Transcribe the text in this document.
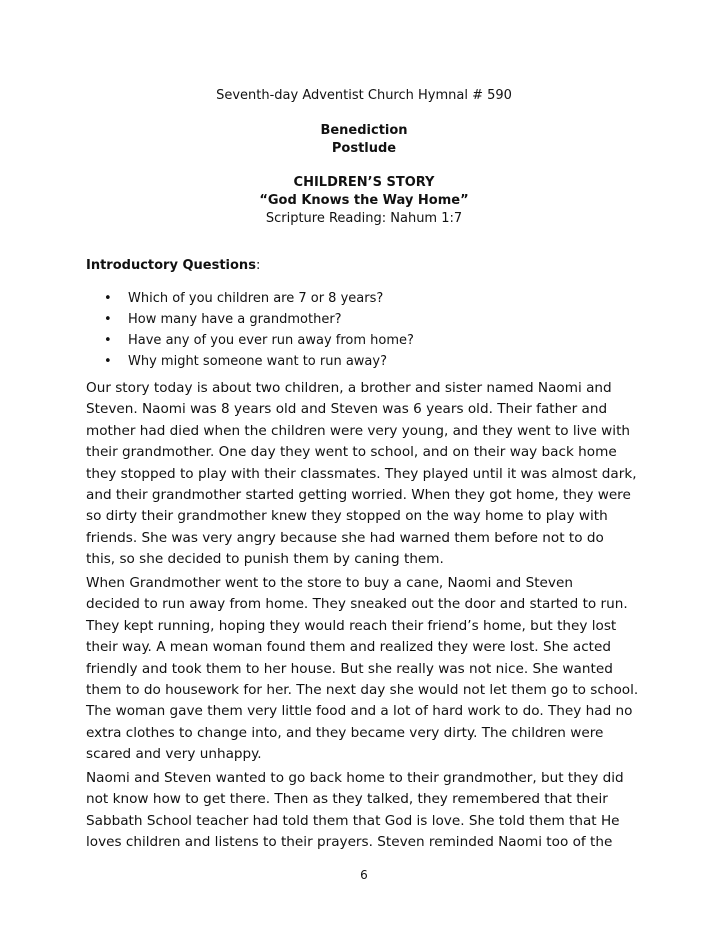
Seventh-day Adventist Church Hymnal # 590
Benediction
Postlude
CHILDREN’S STORY
“God Knows the Way Home”
Scripture Reading: Nahum 1:7
Introductory Questions:
• Which of you children are 7 or 8 years?
• How many have a grandmother?
• Have any of you ever run away from home?
• Why might someone want to run away?
Our story today is about two children, a brother and sister named Naomi and
Steven. Naomi was 8 years old and Steven was 6 years old. Their father and
mother had died when the children were very young, and they went to live with
their grandmother. One day they went to school, and on their way back home
they stopped to play with their classmates. They played until it was almost dark,
and their grandmother started getting worried. When they got home, they were
so dirty their grandmother knew they stopped on the way home to play with
friends. She was very angry because she had warned them before not to do
this, so she decided to punish them by caning them.
When Grandmother went to the store to buy a cane, Naomi and Steven
decided to run away from home. They sneaked out the door and started to run.
They kept running, hoping they would reach their friend’s home, but they lost
their way. A mean woman found them and realized they were lost. She acted
friendly and took them to her house. But she really was not nice. She wanted
them to do housework for her. The next day she would not let them go to school.
The woman gave them very little food and a lot of hard work to do. They had no
extra clothes to change into, and they became very dirty. The children were
scared and very unhappy.
Naomi and Steven wanted to go back home to their grandmother, but they did
not know how to get there. Then as they talked, they remembered that their
Sabbath School teacher had told them that God is love. She told them that He
loves children and listens to their prayers. Steven reminded Naomi too of the
6
